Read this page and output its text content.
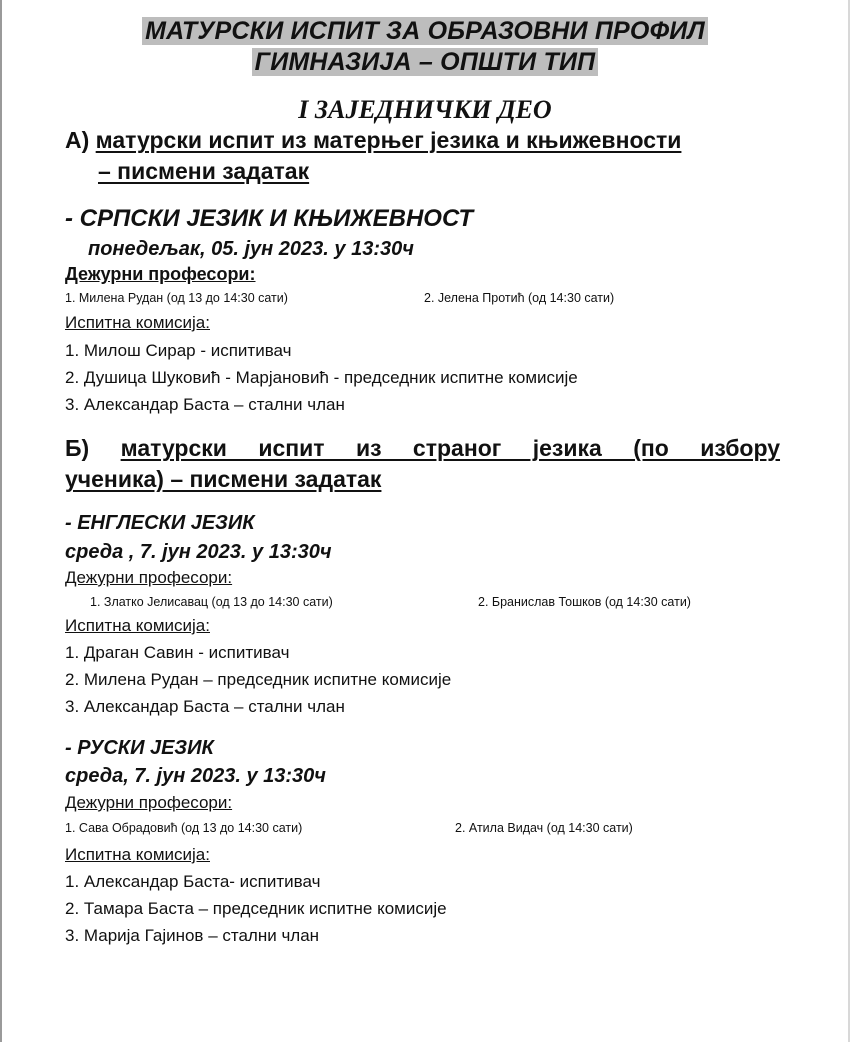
МАТУРСКИ ИСПИТ ЗА ОБРАЗОВНИ ПРОФИЛ
ГИМНАЗИЈА – ОПШТИ ТИП
I ЗАЈЕДНИЧКИ ДЕО
А) матурски испит из матерњег језика и књижевности
– писмени задатак
- СРПСКИ ЈЕЗИК И КЊИЖЕВНОСТ
понедељак, 05. јун 2023. у 13:30ч
Дежурни професори:
1. Милена Рудан (од 13 до 14:30 сати)	2. Јелена Протић (од 14:30 сати)
Испитна комисија:
1. Милош Сирар - испитивач
2. Душица Шуковић - Марјановић - председник испитне комисије
3. Александар Баста – стални члан
Б) матурски испит из страног језика (по избору
ученика) – писмени задатак
- ЕНГЛЕСКИ ЈЕЗИК
среда , 7. јун 2023. у 13:30ч
Дежурни професори:
1. Златко Јелисавац (од 13 до 14:30 сати)	2. Бранислав Тошков (од 14:30 сати)
Испитна комисија:
1. Драган Савин - испитивач
2. Милена Рудан – председник испитне комисије
3. Александар Баста – стални члан
- РУСКИ ЈЕЗИК
среда, 7. јун 2023. у 13:30ч
Дежурни професори:
1. Сава Обрадовић (од 13 до 14:30 сати)	2. Атила Видач (од 14:30 сати)
Испитна комисија:
1. Александар Баста- испитивач
2. Тамара Баста – председник испитне комисије
3. Марија Гајинов – стални члан
